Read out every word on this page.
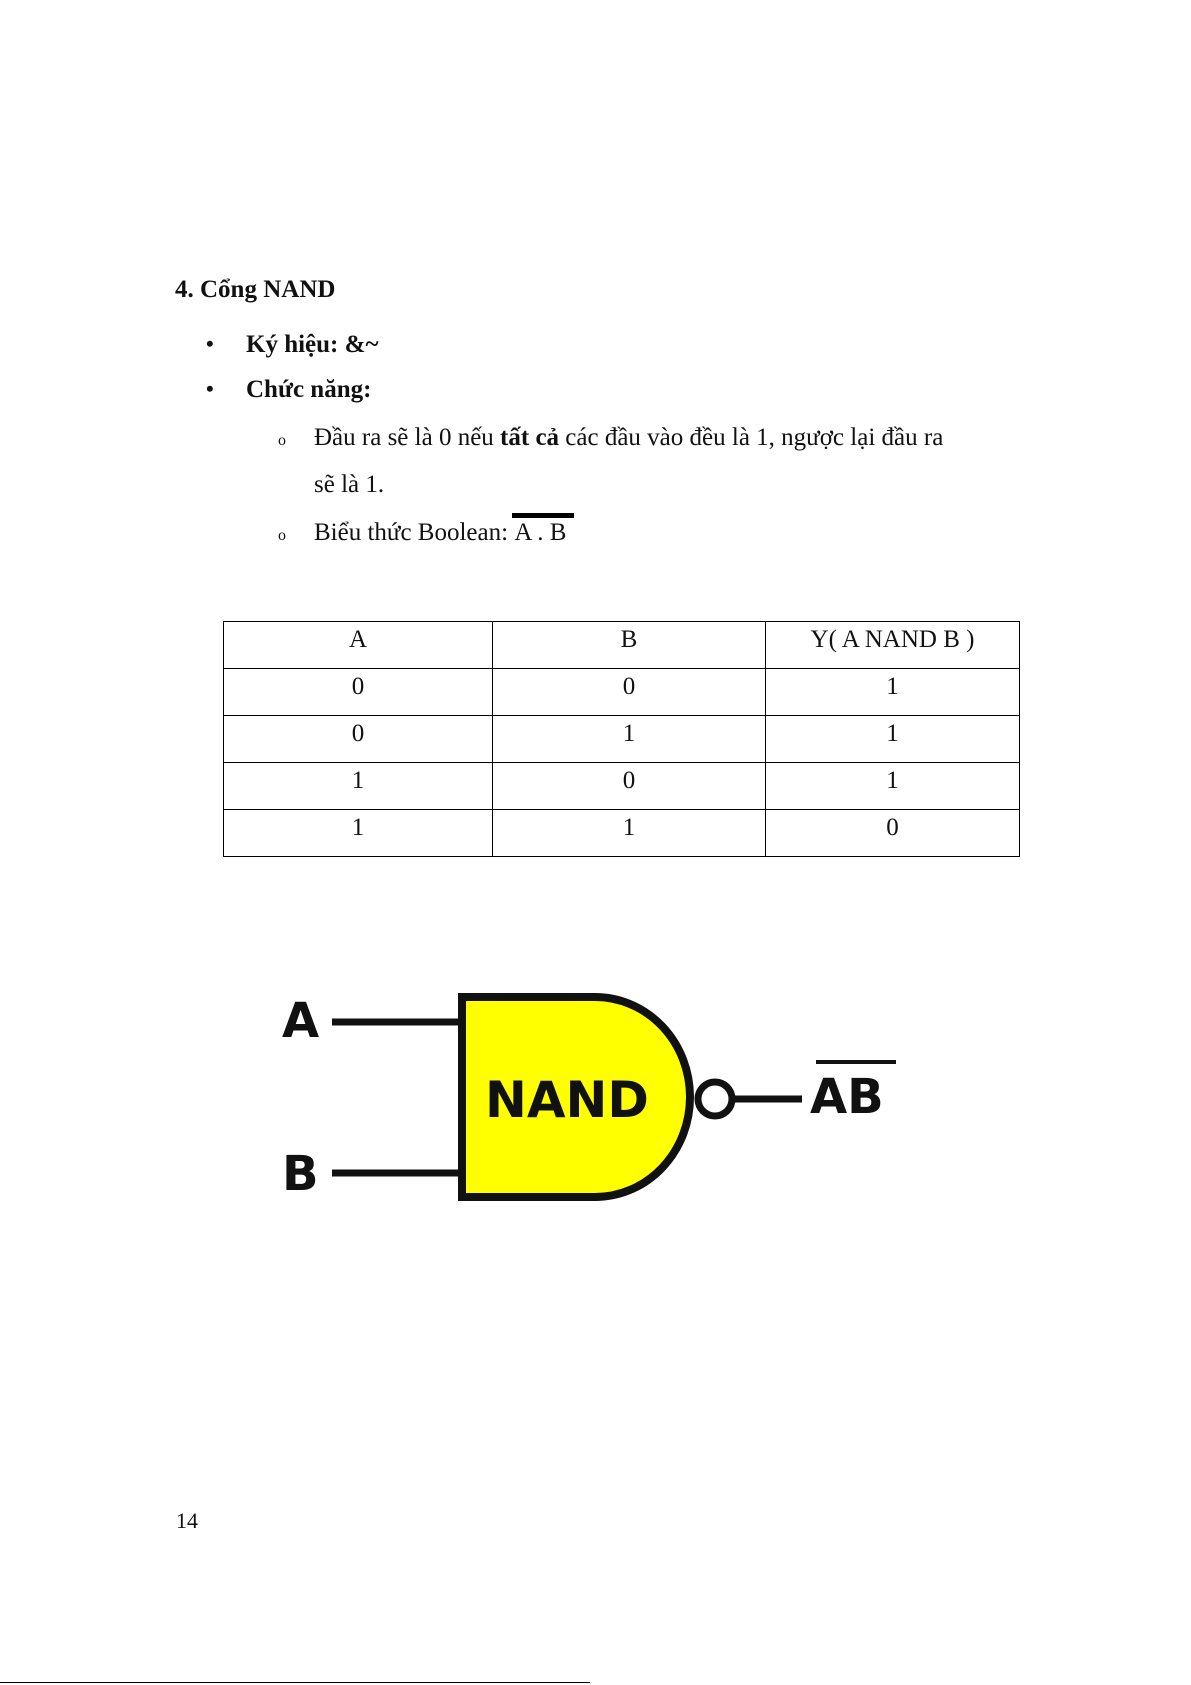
4. Cổng NAND
• Ký hiệu: &~
• Chức năng:
o Đầu ra sẽ là 0 nếu tất cả các đầu vào đều là 1, ngược lại đầu ra
sẽ là 1.
o Biểu thức Boolean: A . B
A	B	Y( A NAND B )
0	0	1
0	1	1
1	0	1
1	1	0
A
B
NAND	AB
14
